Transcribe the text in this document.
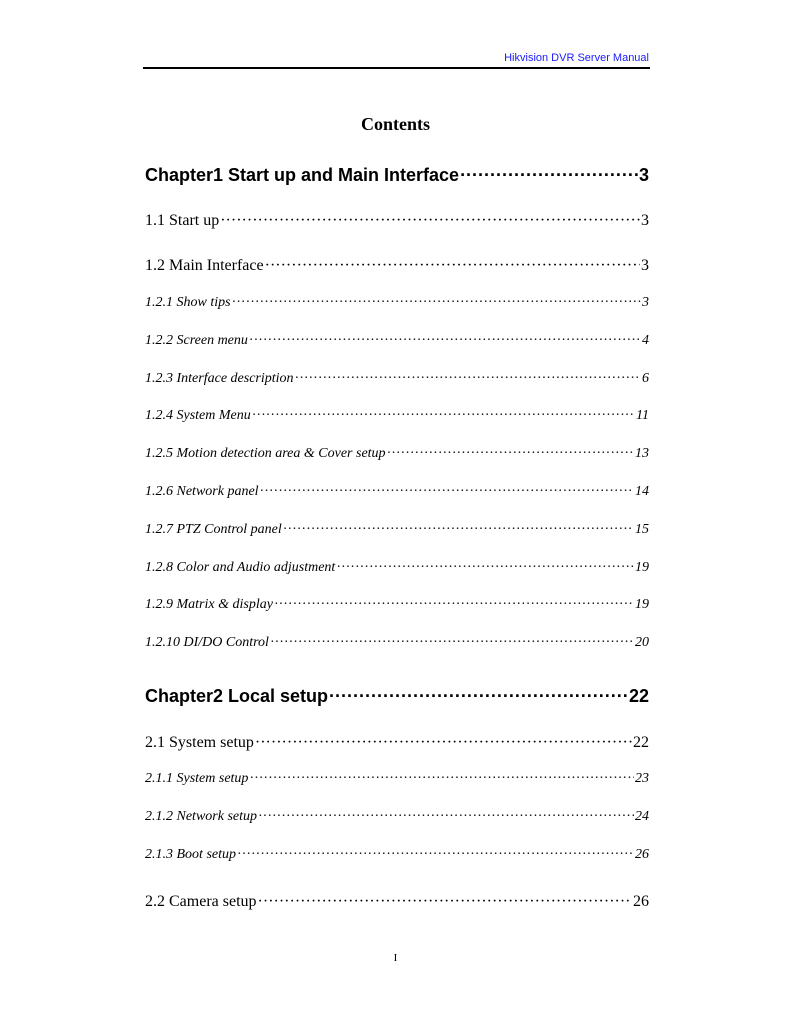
Hikvision DVR Server Manual
Contents
Chapter1 Start up and Main Interface ·····	3
1.1 Start up ·····	3
1.2 Main Interface ·····	3
1.2.1 Show tips ·····	3
1.2.2 Screen menu ·····	4
1.2.3 Interface description ·····	6
1.2.4 System Menu ·····	11
1.2.5 Motion detection area & Cover setup ·····	13
1.2.6 Network panel ·····	14
1.2.7 PTZ Control panel ·····	15
1.2.8 Color and Audio adjustment ·····	19
1.2.9 Matrix & display ·····	19
1.2.10 DI/DO Control ·····	20
Chapter2 Local setup ·····	22
2.1 System setup ·····	22
2.1.1 System setup ·····	23
2.1.2 Network setup ·····	24
2.1.3 Boot setup ·····	26
2.2 Camera setup ·····	26
I
